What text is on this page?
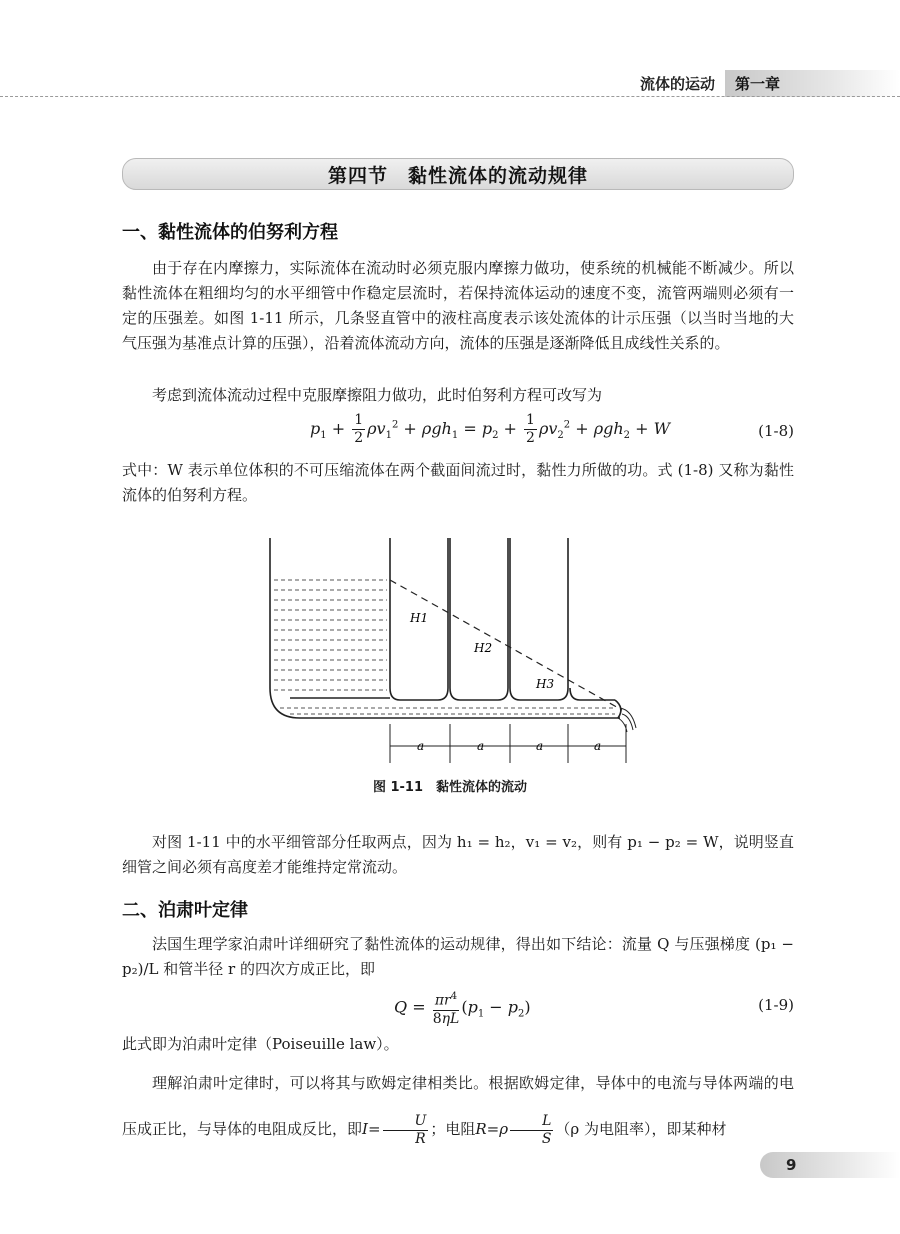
流体的运动	第一章
第四节　黏性流体的流动规律
一、黏性流体的伯努利方程
由于存在内摩擦力，实际流体在流动时必须克服内摩擦力做功，使系统的机械能不断减少。所以黏性流体在粗细均匀的水平细管中作稳定层流时，若保持流体运动的速度不变，流管两端则必须有一定的压强差。如图 1-11 所示，几条竖直管中的液柱高度表示该处流体的计示压强（以当时当地的大气压强为基准点计算的压强），沿着流体流动方向，流体的压强是逐渐降低且成线性关系的。
考虑到流体流动过程中克服摩擦阻力做功，此时伯努利方程可改写为
$p_1 + \frac{1}{2} \rho v_1^2 + \rho gh_1 = p_2 + \frac{1}{2} \rho v_2^2 + \rho gh_2 + W$	(1-8)
式中：W 表示单位体积的不可压缩流体在两个截面间流过时，黏性力所做的功。式 (1-8) 又称为黏性流体的伯努利方程。
H1
H2
H3
a	a	a	a
图 1-11　黏性流体的流动
对图 1-11 中的水平细管部分任取两点，因为 h₁ = h₂，v₁ = v₂，则有 p₁ − p₂ = W，说明竖直细管之间必须有高度差才能维持定常流动。
二、泊肃叶定律
法国生理学家泊肃叶详细研究了黏性流体的运动规律，得出如下结论：流量 Q 与压强梯度 (p₁ − p₂)/L 和管半径 r 的四次方成正比，即
$Q = \frac{\pi r^4}{8\eta L} (p_1 - p_2)$	(1-9)
此式即为泊肃叶定律（Poiseuille law）。
理解泊肃叶定律时，可以将其与欧姆定律相类比。根据欧姆定律，导体中的电流与导体两端的电压成正比，与导体的电阻成反比，即$I= \frac{U}{R}$ ；电阻$R=\rho \frac{L}{S} (\rho$ 为电阻率），即某种材
9
